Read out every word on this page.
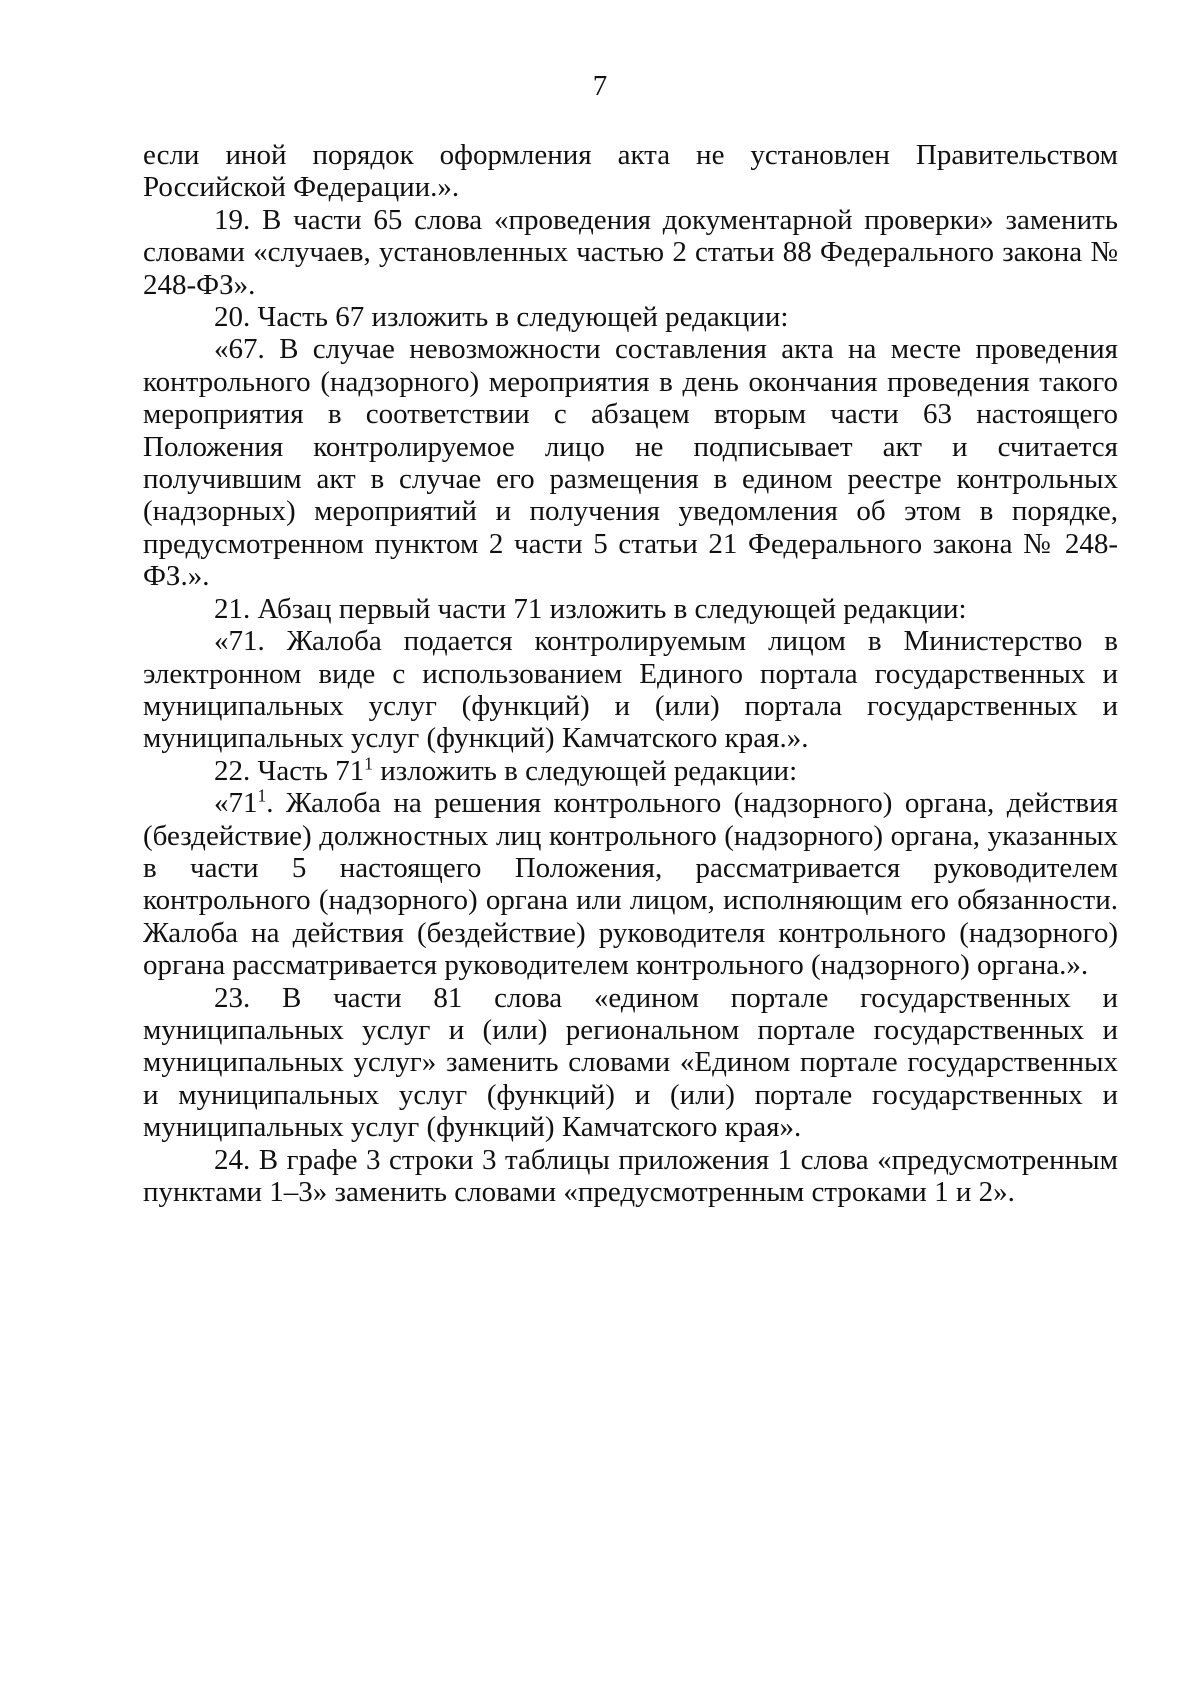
7

если иной порядок оформления акта не установлен Правительством Российской Федерации.».

19. В части 65 слова «проведения документарной проверки» заменить словами «случаев, установленных частью 2 статьи 88 Федерального закона № 248-ФЗ».

20. Часть 67 изложить в следующей редакции:

«67. В случае невозможности составления акта на месте проведения контрольного (надзорного) мероприятия в день окончания проведения такого мероприятия в соответствии с абзацем вторым части 63 настоящего Положения контролируемое лицо не подписывает акт и считается получившим акт в случае его размещения в едином реестре контрольных (надзорных) мероприятий и получения уведомления об этом в порядке, предусмотренном пунктом 2 части 5 статьи 21 Федерального закона № 248-ФЗ.».

21. Абзац первый части 71 изложить в следующей редакции:

«71. Жалоба подается контролируемым лицом в Министерство в электронном виде с использованием Единого портала государственных и муниципальных услуг (функций) и (или) портала государственных и муниципальных услуг (функций) Камчатского края.».

22. Часть $71^1$ изложить в следующей редакции:

«$71^1$. Жалоба на решения контрольного (надзорного) органа, действия (бездействие) должностных лиц контрольного (надзорного) органа, указанных в части 5 настоящего Положения, рассматривается руководителем контрольного (надзорного) органа или лицом, исполняющим его обязанности. Жалоба на действия (бездействие) руководителя контрольного (надзорного) органа рассматривается руководителем контрольного (надзорного) органа.».

23. В части 81 слова «едином портале государственных и муниципальных услуг и (или) региональном портале государственных и муниципальных услуг» заменить словами «Едином портале государственных и муниципальных услуг (функций) и (или) портале государственных и муниципальных услуг (функций) Камчатского края».

24. В графе 3 строки 3 таблицы приложения 1 слова «предусмотренным пунктами 1–3» заменить словами «предусмотренным строками 1 и 2».
